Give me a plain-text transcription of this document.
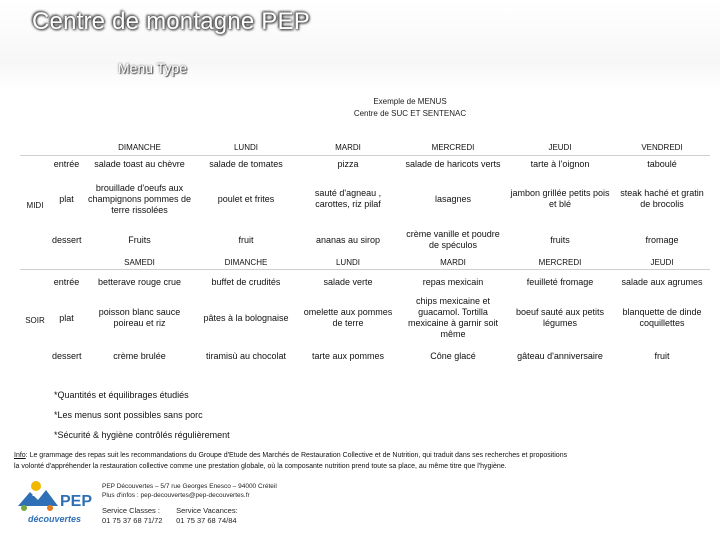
Centre de montagne PEP
Menu Type
Exemple de MENUS
Centre de SUC ET SENTENAC
		DIMANCHE	LUNDI	MARDI	MERCREDI	JEUDI	VENDREDI
MIDI	entrée	salade toast au chèvre	salade de tomates	pizza	salade de haricots verts	tarte à l'oignon	taboulé
	plat	brouillade d'oeufs aux champignons pommes de terre rissolées	poulet et frites	sauté d'agneau , carottes, riz pilaf	lasagnes	jambon grillée petits pois et blé	steak haché et gratin de brocolis
	dessert	Fruits	fruit	ananas au sirop	crème vanille et poudre de spéculos	fruits	fromage
		SAMEDI	DIMANCHE	LUNDI	MARDI	MERCREDI	JEUDI
SOIR	entrée	betterave rouge crue	buffet de crudités	salade verte	repas mexicain	feuilleté fromage	salade aux agrumes
	plat	poisson blanc sauce poireau et riz	pâtes à la bolognaise	omelette aux pommes de terre	chips mexicaine et guacamol. Tortilla mexicaine à garnir soit même	boeuf sauté aux petits légumes	blanquette de dinde coquillettes
	dessert	crème brulée	tiramisù au chocolat	tarte aux pommes	Cône glacé	gâteau d'anniversaire	fruit

*Quantités et équilibrages étudiés

*Les menus sont possibles sans porc

*Sécurité & hygiène contrôlés régulièrement

Info: Le grammage des repas suit les recommandations du Groupe d'Etude des Marchés de Restauration Collective et de Nutrition, qui traduit dans ses recherches et propositions
la volonté d'appréhender la restauration collective comme une prestation globale, où la composante nutrition prend toute sa place, au même titre que l'hygiène.
PEP
découvertes
PEP Découvertes – 5/7 rue Georges Enesco – 94000 Créteil
Plus d'infos : pep-decouvertes@pep-decouvertes.fr
Service Classes :
01 75 37 68 71/72

Service Vacances:
01 75 37 68 74/84
